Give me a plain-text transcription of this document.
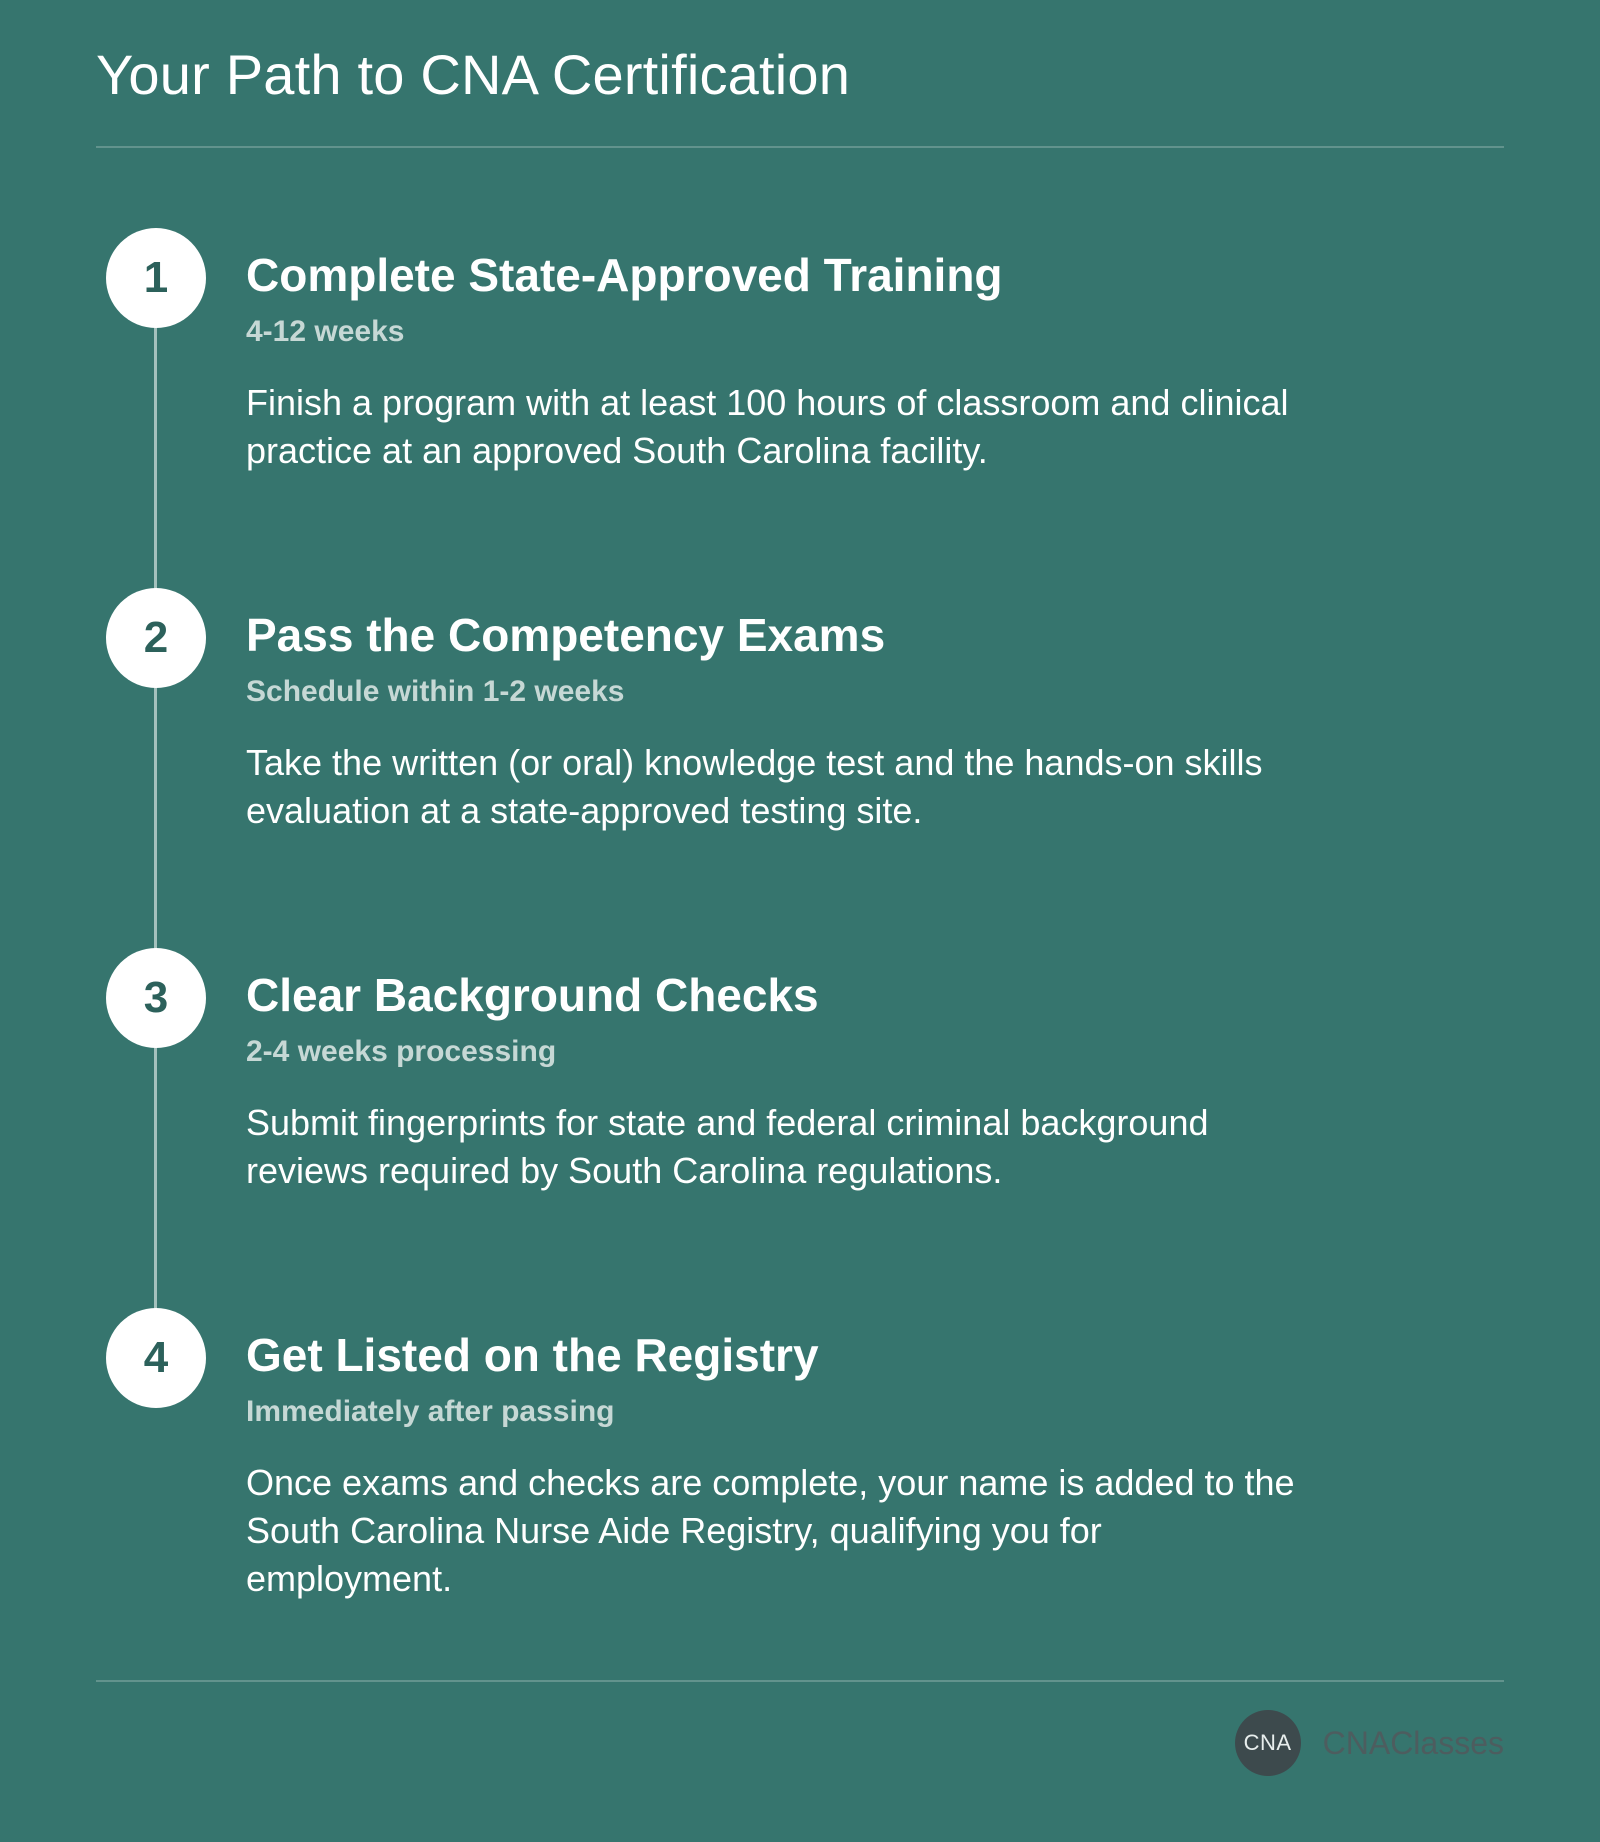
Your Path to CNA Certification
1	Complete State-Approved Training
4-12 weeks
Finish a program with at least 100 hours of classroom and clinical practice at an approved South Carolina facility.
2	Pass the Competency Exams
Schedule within 1-2 weeks
Take the written (or oral) knowledge test and the hands-on skills evaluation at a state-approved testing site.
3	Clear Background Checks
2-4 weeks processing
Submit fingerprints for state and federal criminal background reviews required by South Carolina regulations.
4	Get Listed on the Registry
Immediately after passing
Once exams and checks are complete, your name is added to the South Carolina Nurse Aide Registry, qualifying you for employment.
CNA CNAClasses
